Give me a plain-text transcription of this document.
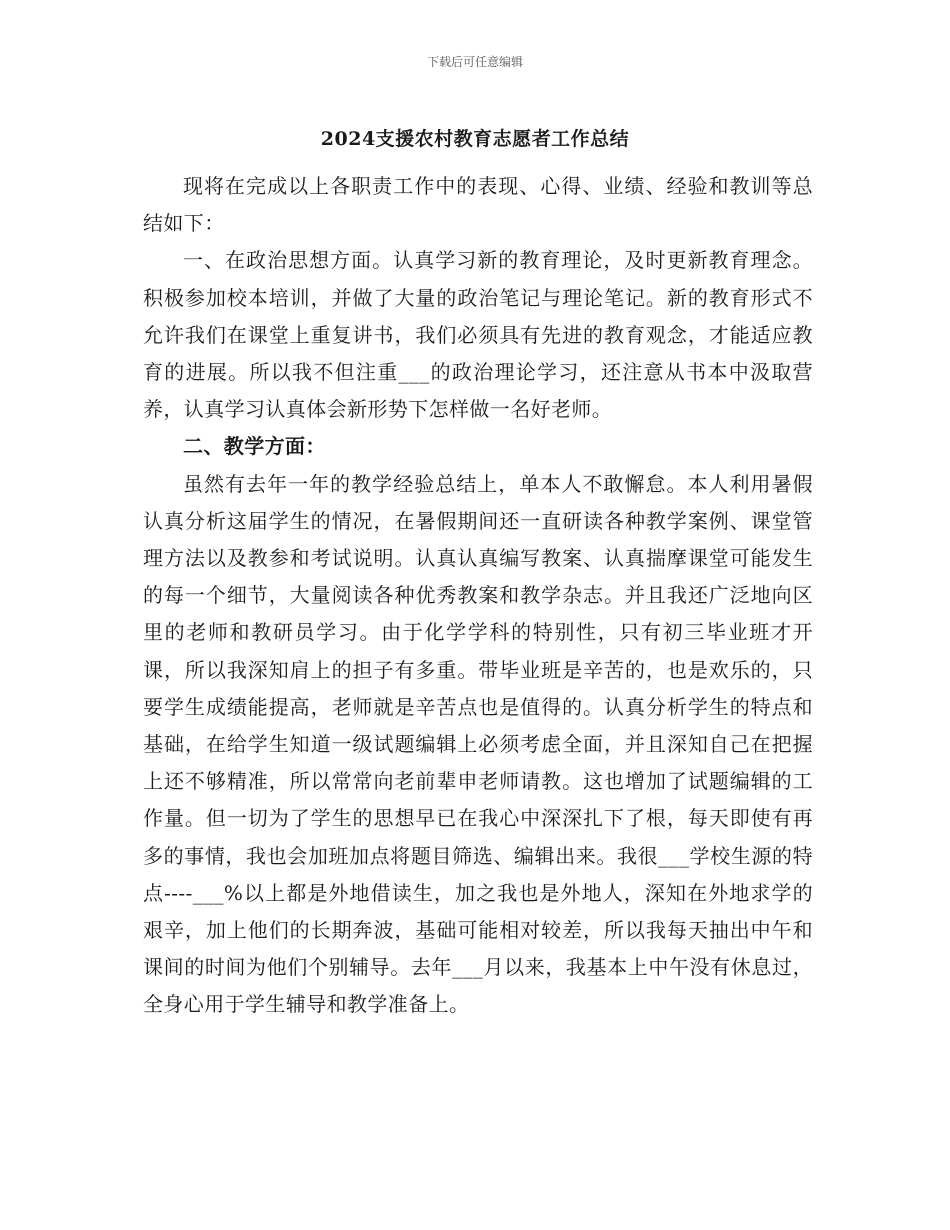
下载后可任意编辑
2024支援农村教育志愿者工作总结

现将在完成以上各职责工作中的表现、心得、业绩、经验和教训等总结如下：

一、在政治思想方面。认真学习新的教育理论，及时更新教育理念。积极参加校本培训，并做了大量的政治笔记与理论笔记。新的教育形式不允许我们在课堂上重复讲书，我们必须具有先进的教育观念，才能适应教育的进展。所以我不但注重___的政治理论学习，还注意从书本中汲取营养，认真学习认真体会新形势下怎样做一名好老师。

二、教学方面：

虽然有去年一年的教学经验总结上，单本人不敢懈怠。本人利用暑假认真分析这届学生的情况，在暑假期间还一直研读各种教学案例、课堂管理方法以及教参和考试说明。认真认真编写教案、认真揣摩课堂可能发生的每一个细节，大量阅读各种优秀教案和教学杂志。并且我还广泛地向区里的老师和教研员学习。由于化学学科的特别性，只有初三毕业班才开课，所以我深知肩上的担子有多重。带毕业班是辛苦的，也是欢乐的，只要学生成绩能提高，老师就是辛苦点也是值得的。认真分析学生的特点和基础，在给学生知道一级试题编辑上必须考虑全面，并且深知自己在把握上还不够精准，所以常常向老前辈申老师请教。这也增加了试题编辑的工作量。但一切为了学生的思想早已在我心中深深扎下了根，每天即使有再多的事情，我也会加班加点将题目筛选、编辑出来。我很___学校生源的特点----___%以上都是外地借读生，加之我也是外地人，深知在外地求学的艰辛，加上他们的长期奔波，基础可能相对较差，所以我每天抽出中午和课间的时间为他们个别辅导。去年___月以来，我基本上中午没有休息过，全身心用于学生辅导和教学准备上。
